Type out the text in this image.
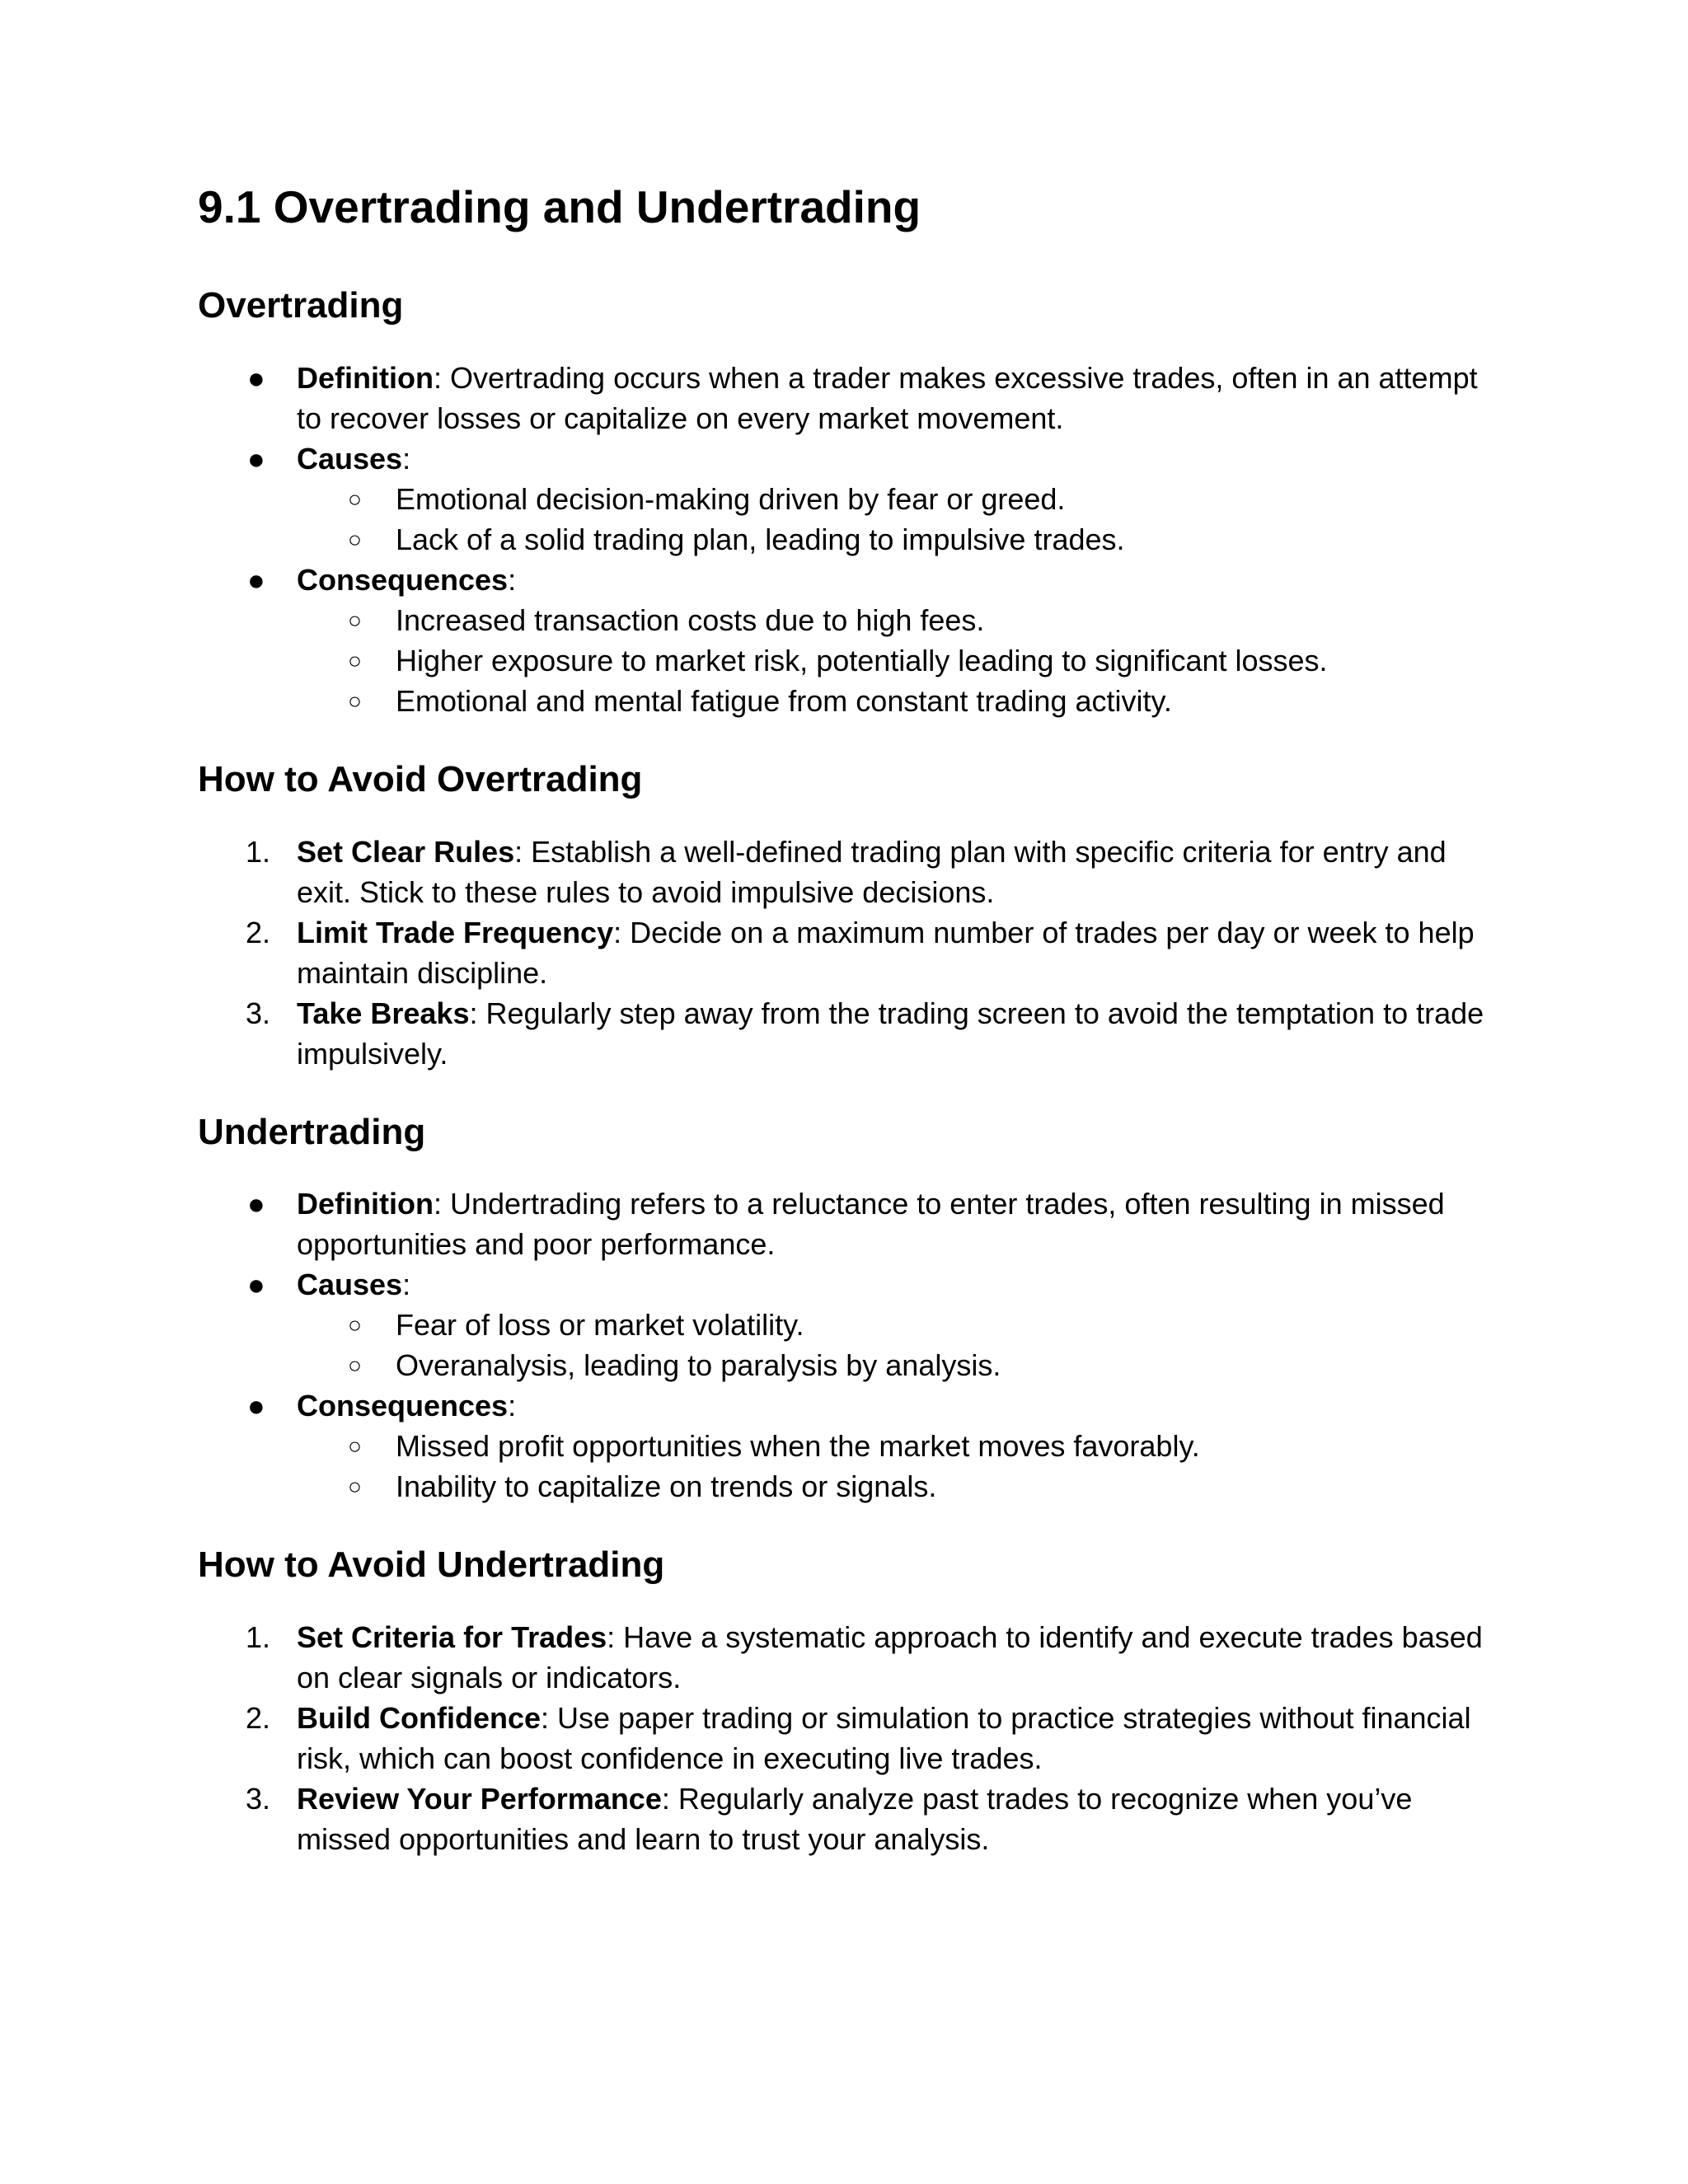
9.1 Overtrading and Undertrading
Overtrading
● Definition: Overtrading occurs when a trader makes excessive trades, often in an attempt to recover losses or capitalize on every market movement.
● Causes:
○ Emotional decision-making driven by fear or greed.
○ Lack of a solid trading plan, leading to impulsive trades.
● Consequences:
○ Increased transaction costs due to high fees.
○ Higher exposure to market risk, potentially leading to significant losses.
○ Emotional and mental fatigue from constant trading activity.
How to Avoid Overtrading
1. Set Clear Rules: Establish a well-defined trading plan with specific criteria for entry and exit. Stick to these rules to avoid impulsive decisions.
2. Limit Trade Frequency: Decide on a maximum number of trades per day or week to help maintain discipline.
3. Take Breaks: Regularly step away from the trading screen to avoid the temptation to trade impulsively.
Undertrading
● Definition: Undertrading refers to a reluctance to enter trades, often resulting in missed opportunities and poor performance.
● Causes:
○ Fear of loss or market volatility.
○ Overanalysis, leading to paralysis by analysis.
● Consequences:
○ Missed profit opportunities when the market moves favorably.
○ Inability to capitalize on trends or signals.
How to Avoid Undertrading
1. Set Criteria for Trades: Have a systematic approach to identify and execute trades based on clear signals or indicators.
2. Build Confidence: Use paper trading or simulation to practice strategies without financial risk, which can boost confidence in executing live trades.
3. Review Your Performance: Regularly analyze past trades to recognize when you’ve missed opportunities and learn to trust your analysis.
